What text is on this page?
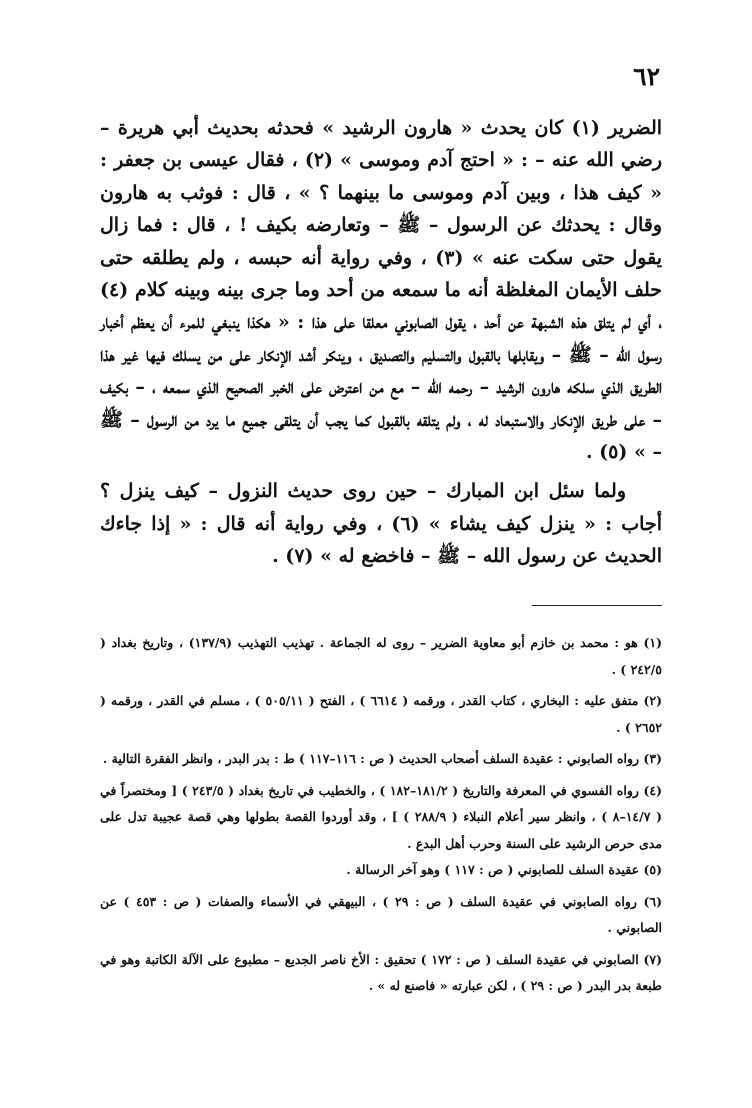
٦٢

الضرير (١) كان يحدث « هارون الرشيد » فحدثه بحديث أبي هريرة – رضي الله عنه – : « احتج آدم وموسى » (٢) ، فقال عيسى بن جعفر : « كيف هذا ، وبين آدم وموسى ما بينهما ؟ » ، قال : فوثب به هارون وقال : يحدثك عن الرسول – ﷺ – وتعارضه بكيف ! ، قال : فما زال يقول حتى سكت عنه » (٣) ، وفي رواية أنه حبسه ، ولم يطلقه حتى حلف الأيمان المغلظة أنه ما سمعه من أحد وما جرى بينه وبينه كلام (٤) ، أي لم يتلق هذه الشبهة عن أحد ، يقول الصابوني معلقا على هذا : « هكذا ينبغي للمرء أن يعظم أخبار رسول الله – ﷺ – ويقابلها بالقبول والتسليم والتصديق ، وينكر أشد الإنكار على من يسلك فيها غير هذا الطريق الذي سلكه هارون الرشيد – رحمه الله – مع من اعترض على الخبر الصحيح الذي سمعه ، – بكيف – على طريق الإنكار والاستبعاد له ، ولم يتلقه بالقبول كما يجب أن يتلقى جميع ما يرد من الرسول – ﷺ – » (٥) .

ولما سئل ابن المبارك – حين روى حديث النزول – كيف ينزل ؟ أجاب : « ينزل كيف يشاء » (٦) ، وفي رواية أنه قال : « إذا جاءك الحديث عن رسول الله – ﷺ – فاخضع له » (٧) .

(١) هو : محمد بن خازم أبو معاوية الضرير – روى له الجماعة . تهذيب التهذيب (١٣٧/٩) ، وتاريخ بغداد ( ٢٤٢/٥ ) .

(٢) متفق عليه : البخاري ، كتاب القدر ، ورقمه ( ٦٦١٤ ) ، الفتح ( ٥٠٥/١١ ) ، مسلم في القدر ، ورقمه ( ٢٦٥٢ ) .

(٣) رواه الصابوني : عقيدة السلف أصحاب الحديث ( ص : ١١٦–١١٧ ) ط : بدر البدر ، وانظر الفقرة التالية .

(٤) رواه الفسوي في المعرفة والتاريخ ( ١٨١/٢–١٨٢ ) ، والخطيب في تاريخ بغداد ( ٢٤٣/٥ ) [ ومختصراً في ( ١٤/٧–٨ ) ، وانظر سير أعلام النبلاء ( ٢٨٨/٩ ) ] ، وقد أوردوا القصة بطولها وهي قصة عجيبة تدل على مدى حرص الرشيد على السنة وحرب أهل البدع .

(٥) عقيدة السلف للصابوني ( ص : ١١٧ ) وهو آخر الرسالة .

(٦) رواه الصابوني في عقيدة السلف ( ص : ٢٩ ) ، البيهقي في الأسماء والصفات ( ص : ٤٥٣ ) عن الصابوني .

(٧) الصابوني في عقيدة السلف ( ص : ١٧٢ ) تحقيق : الأخ ناصر الجديع – مطبوع على الآلة الكاتبة وهو في طبعة بدر البدر ( ص : ٢٩ ) ، لكن عبارته « فاصنع له » .
